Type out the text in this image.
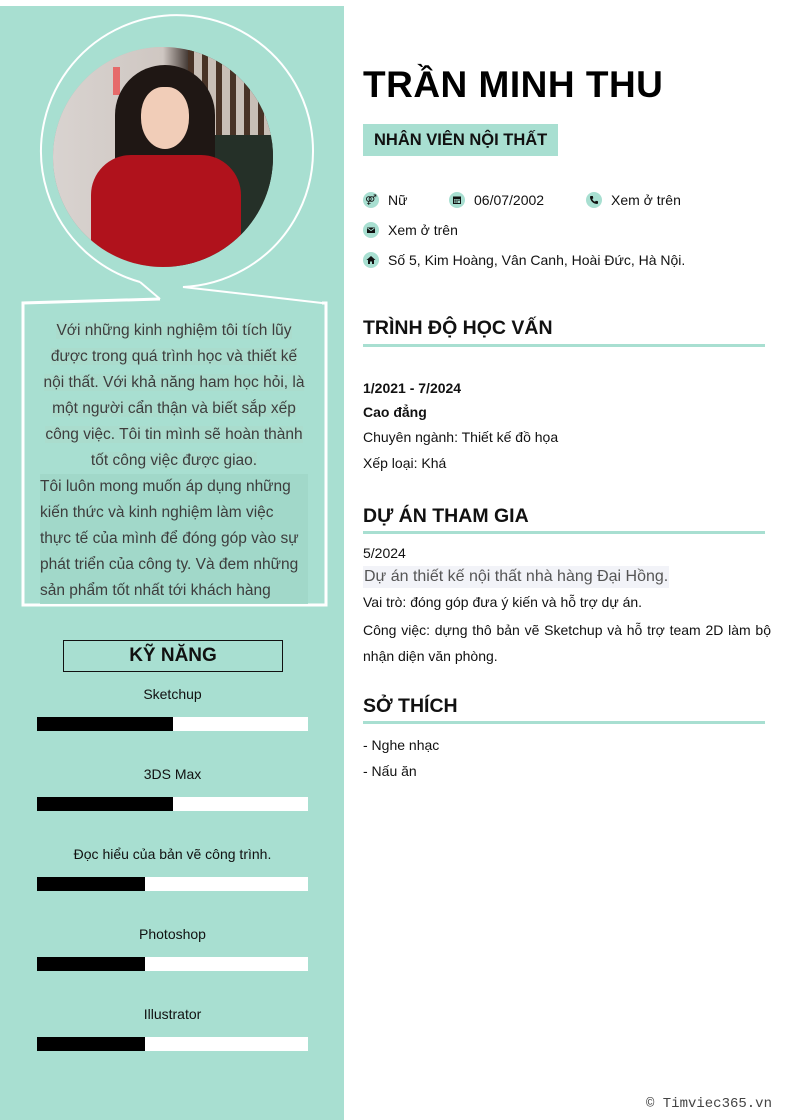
Với những kinh nghiệm tôi tích lũy
được trong quá trình học và thiết kế
nội thất. Với khả năng ham học hỏi, là
một người cẩn thận và biết sắp xếp
công việc. Tôi tin mình sẽ hoàn thành
tốt công việc được giao.
Tôi luôn mong muốn áp dụng những
kiến thức và kinh nghiệm làm việc
thực tế của mình để đóng góp vào sự
phát triển của công ty. Và đem những
sản phẩm tốt nhất tới khách hàng
KỸ NĂNG
Sketchup
3DS Max
Đọc hiểu của bản vẽ công trình.
Photoshop
Illustrator
TRẦN MINH THU
NHÂN VIÊN NỘI THẤT
⚤ Nữ	06/07/2002	Xem ở trên
Xem ở trên
Số 5, Kim Hoàng, Vân Canh, Hoài Đức, Hà Nội.
TRÌNH ĐỘ HỌC VẤN
1/2021 - 7/2024
Cao đẳng
Chuyên ngành: Thiết kế đồ họa
Xếp loại: Khá
DỰ ÁN THAM GIA
5/2024
Dự án thiết kế nội thất nhà hàng Đại Hồng.
Vai trò: đóng góp đưa ý kiến và hỗ trợ dự án.
Công việc: dựng thô bản vẽ Sketchup và hỗ trợ team 2D làm bộ nhận diện văn phòng.
SỞ THÍCH
- Nghe nhạc
- Nấu ăn
© Timviec365.vn
